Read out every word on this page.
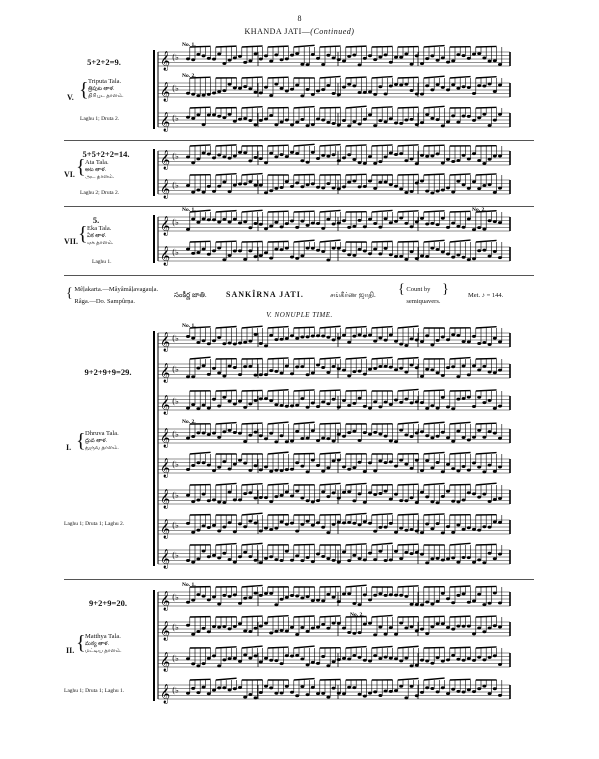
8
KHANDA JATI—(Continued)
5+2+2=9.
V. { Triputa Tala.
త్రిపుట తాళ.
திரிபுட தாளம்.
Laghu 1; Druta 2.
5+5+2+2=14.
VI. { Ata Tala.
అట తాళ.
அட தாளம்.
Laghu 2; Druta 2.
5.
VII. { Eka Tala.
ఏక తాళ.
ஏக தாளம்.
Laghu 1.
{ Mêḷakarta.—Mâyâmâḷavagauḷa.
Râga.—Do. Sampûrṇa.
సంకీర్ణ జాతి. SANKÎRNA JATI.	சங்கீர்ண ஜாதி. { Count by
semiquavers.
}	Met. ♪ = 144.
V. NONUPLE TIME.
9+2+9+9=29.
I. { Dhruva Tala.
ధ్రువ తాళ.
துருவ தாளம்.
Laghu 1; Druta 1; Laghu 2.
9+2+9=20.
II. { Matthya Tala.
మఠ్య తాళ.
மட்டிய தாளம்.
Laghu 1; Druta 1; Laghu 1.
𝄞 (♭
No. 1.
𝄞 (♭
No. 2.
𝄞 (♭
𝄞 (♭
𝄞 (♭
𝄞 (♭
No. 1.	No. 2.
𝄞 (♭
𝄞 (♭
No. 1.
𝄞 (♭
𝄞 (♭
𝄞 (♭
No. 2.
𝄞 (♭
𝄞 (♭
𝄞 (♭
𝄞 (♭
𝄞 (♭
No. 1.
𝄞 (♭
No. 2.
𝄞 (♭
𝄞 (♭
